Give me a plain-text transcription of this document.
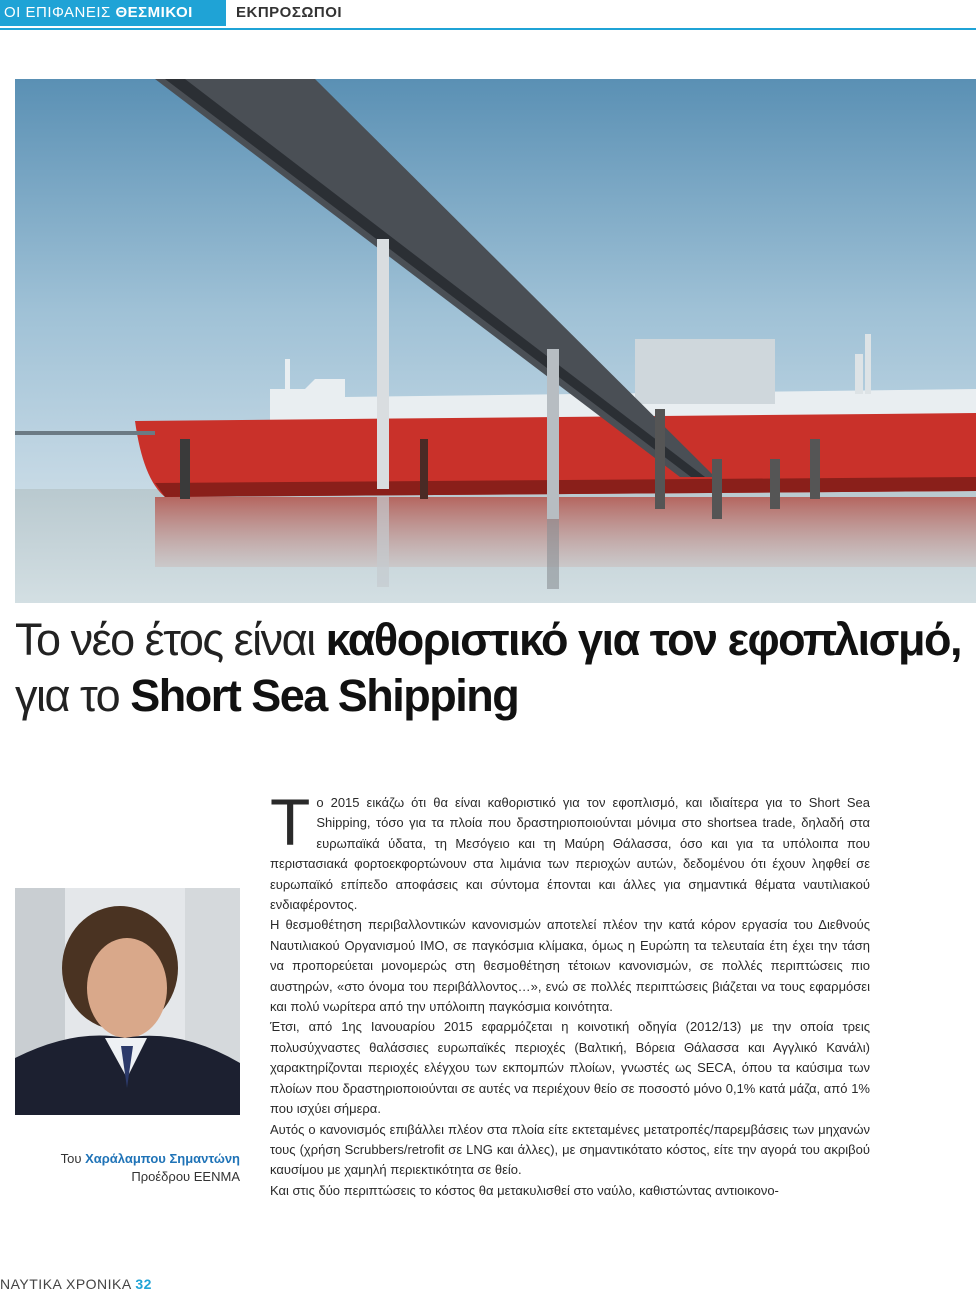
ΟΙ ΕΠΙΦΑΝΕΙΣ ΘΕΣΜΙΚΟΙ	ΕΚΠΡΟΣΩΠΟΙ
Το νέο έτος είναι καθοριστικό για τον εφοπλισμό,
για το Short Sea Shipping
Του Χαράλαμπου Σημαντώνη
Προέδρου ΕΕΝΜΑ

Το 2015 εικάζω ότι θα είναι καθοριστικό για τον εφοπλισμό, και ιδιαίτερα για το Short Sea Shipping, τόσο για τα πλοία που δραστηριοποιούνται μόνιμα στο shortsea trade, δηλαδή στα ευρωπαϊκά ύδατα, τη Μεσόγειο και τη Μαύρη Θάλασσα, όσο και για τα υπόλοιπα που περιστασιακά φορτοεκφορτώνουν στα λιμάνια των περιοχών αυτών, δεδομένου ότι έχουν ληφθεί σε ευρωπαϊκό επίπεδο αποφάσεις και σύντομα έπονται και άλλες για σημαντικά θέματα ναυτιλιακού ενδιαφέροντος.

Η θεσμοθέτηση περιβαλλοντικών κανονισμών αποτελεί πλέον την κατά κόρον εργασία του Διεθνούς Ναυτιλιακού Οργανισμού ΙΜΟ, σε παγκόσμια κλίμακα, όμως η Ευρώπη τα τελευταία έτη έχει την τάση να προπορεύεται μονομερώς στη θεσμοθέτηση τέτοιων κανονισμών, σε πολλές περιπτώσεις πιο αυστηρών, «στο όνομα του περιβάλλοντος…», ενώ σε πολλές περιπτώσεις βιάζεται να τους εφαρμόσει και πολύ νωρίτερα από την υπόλοιπη παγκόσμια κοινότητα.

Έτσι, από 1ης Ιανουαρίου 2015 εφαρμόζεται η κοινοτική οδηγία (2012/13) με την οποία τρεις πολυσύχναστες θαλάσσιες ευρωπαϊκές περιοχές (Βαλτική, Βόρεια Θάλασσα και Αγγλικό Κανάλι) χαρακτηρίζονται περιοχές ελέγχου των εκπομπών πλοίων, γνωστές ως SECA, όπου τα καύσιμα των πλοίων που δραστηριοποιούνται σε αυτές να περιέχουν θείο σε ποσοστό μόνο 0,1% κατά μάζα, από 1% που ισχύει σήμερα.

Αυτός ο κανονισμός επιβάλλει πλέον στα πλοία είτε εκτεταμένες μετατροπές/παρεμβάσεις των μηχανών τους (χρήση Scrubbers/retrofit σε LNG και άλλες), με σημαντικότατο κόστος, είτε την αγορά του ακριβού καυσίμου με χαμηλή περιεκτικότητα σε θείο.

Και στις δύο περιπτώσεις το κόστος θα μετακυλισθεί στο ναύλο, καθιστώντας αντιοικονο-

ΝΑΥΤΙΚΑ ΧΡΟΝΙΚΑ 32
